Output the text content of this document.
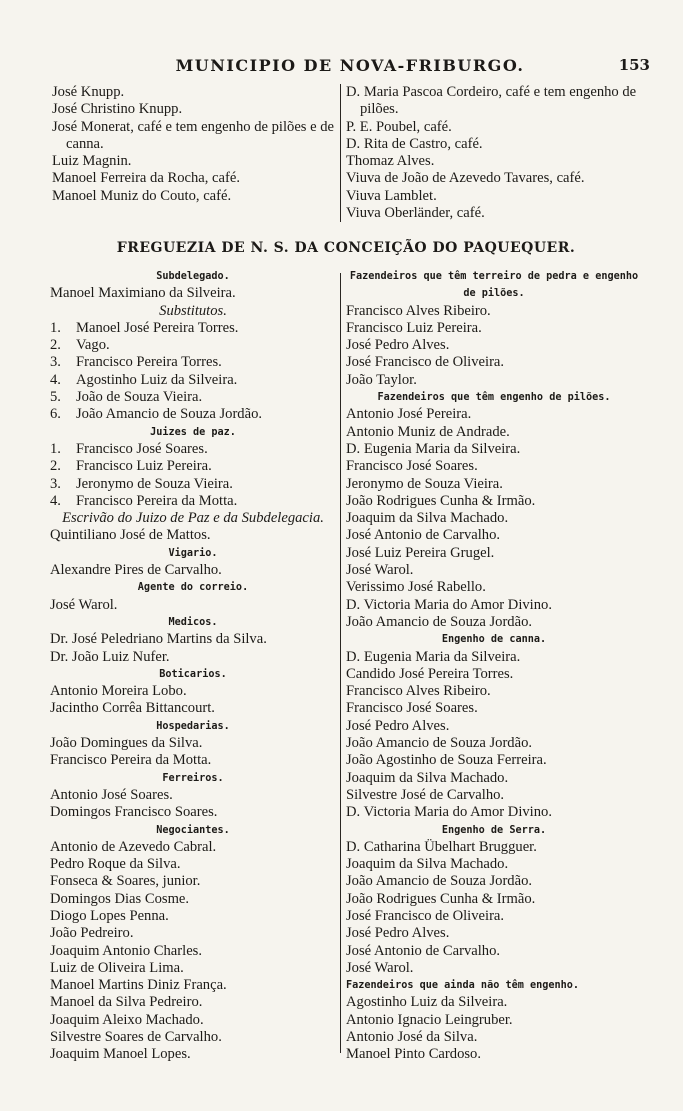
MUNICIPIO DE NOVA-FRIBURGO.	153
José Knupp.
José Christino Knupp.
José Monerat, café e tem engenho de pilões e de canna.
Luiz Magnin.
Manoel Ferreira da Rocha, café.
Manoel Muniz do Couto, café.
D. Maria Pascoa Cordeiro, café e tem engenho de pilões.
P. E. Poubel, café.
D. Rita de Castro, café.
Thomaz Alves.
Viuva de João de Azevedo Tavares, café.
Viuva Lamblet.
Viuva Oberländer, café.
FREGUEZIA DE N. S. DA CONCEIÇÃO DO PAQUEQUER.
Subdelegado.
Manoel Maximiano da Silveira.
Substitutos.
1. Manoel José Pereira Torres.
2. Vago.
3. Francisco Pereira Torres.
4. Agostinho Luiz da Silveira.
5. João de Souza Vieira.
6. João Amancio de Souza Jordão.
Juizes de paz.
1. Francisco José Soares.
2. Francisco Luiz Pereira.
3. Jeronymo de Souza Vieira.
4. Francisco Pereira da Motta.
Escrivão do Juizo de Paz e da Subdelegacia.
Quintiliano José de Mattos.
Vigario.
Alexandre Pires de Carvalho.
Agente do correio.
José Warol.
Medicos.
Dr. José Peledriano Martins da Silva.
Dr. João Luiz Nufer.
Boticarios.
Antonio Moreira Lobo.
Jacintho Corrêa Bittancourt.
Hospedarias.
João Domingues da Silva.
Francisco Pereira da Motta.
Ferreiros.
Antonio José Soares.
Domingos Francisco Soares.
Negociantes.
Antonio de Azevedo Cabral.
Pedro Roque da Silva.
Fonseca & Soares, junior.
Domingos Dias Cosme.
Diogo Lopes Penna.
João Pedreiro.
Joaquim Antonio Charles.
Luiz de Oliveira Lima.
Manoel Martins Diniz França.
Manoel da Silva Pedreiro.
Joaquim Aleixo Machado.
Silvestre Soares de Carvalho.
Joaquim Manoel Lopes.
Fazendeiros que têm terreiro de pedra e engenho de pilões.
Francisco Alves Ribeiro.
Francisco Luiz Pereira.
José Pedro Alves.
José Francisco de Oliveira.
João Taylor.
Fazendeiros que têm engenho de pilões.
Antonio José Pereira.
Antonio Muniz de Andrade.
D. Eugenia Maria da Silveira.
Francisco José Soares.
Jeronymo de Souza Vieira.
João Rodrigues Cunha & Irmão.
Joaquim da Silva Machado.
José Antonio de Carvalho.
José Luiz Pereira Grugel.
José Warol.
Verissimo José Rabello.
D. Victoria Maria do Amor Divino.
João Amancio de Souza Jordão.
Engenho de canna.
D. Eugenia Maria da Silveira.
Candido José Pereira Torres.
Francisco Alves Ribeiro.
Francisco José Soares.
José Pedro Alves.
João Amancio de Souza Jordão.
João Agostinho de Souza Ferreira.
Joaquim da Silva Machado.
Silvestre José de Carvalho.
D. Victoria Maria do Amor Divino.
Engenho de Serra.
D. Catharina Übelhart Brugguer.
Joaquim da Silva Machado.
João Amancio de Souza Jordão.
João Rodrigues Cunha & Irmão.
José Francisco de Oliveira.
José Pedro Alves.
José Antonio de Carvalho.
José Warol.
Fazendeiros que ainda não têm engenho.
Agostinho Luiz da Silveira.
Antonio Ignacio Leingruber.
Antonio José da Silva.
Manoel Pinto Cardoso.
